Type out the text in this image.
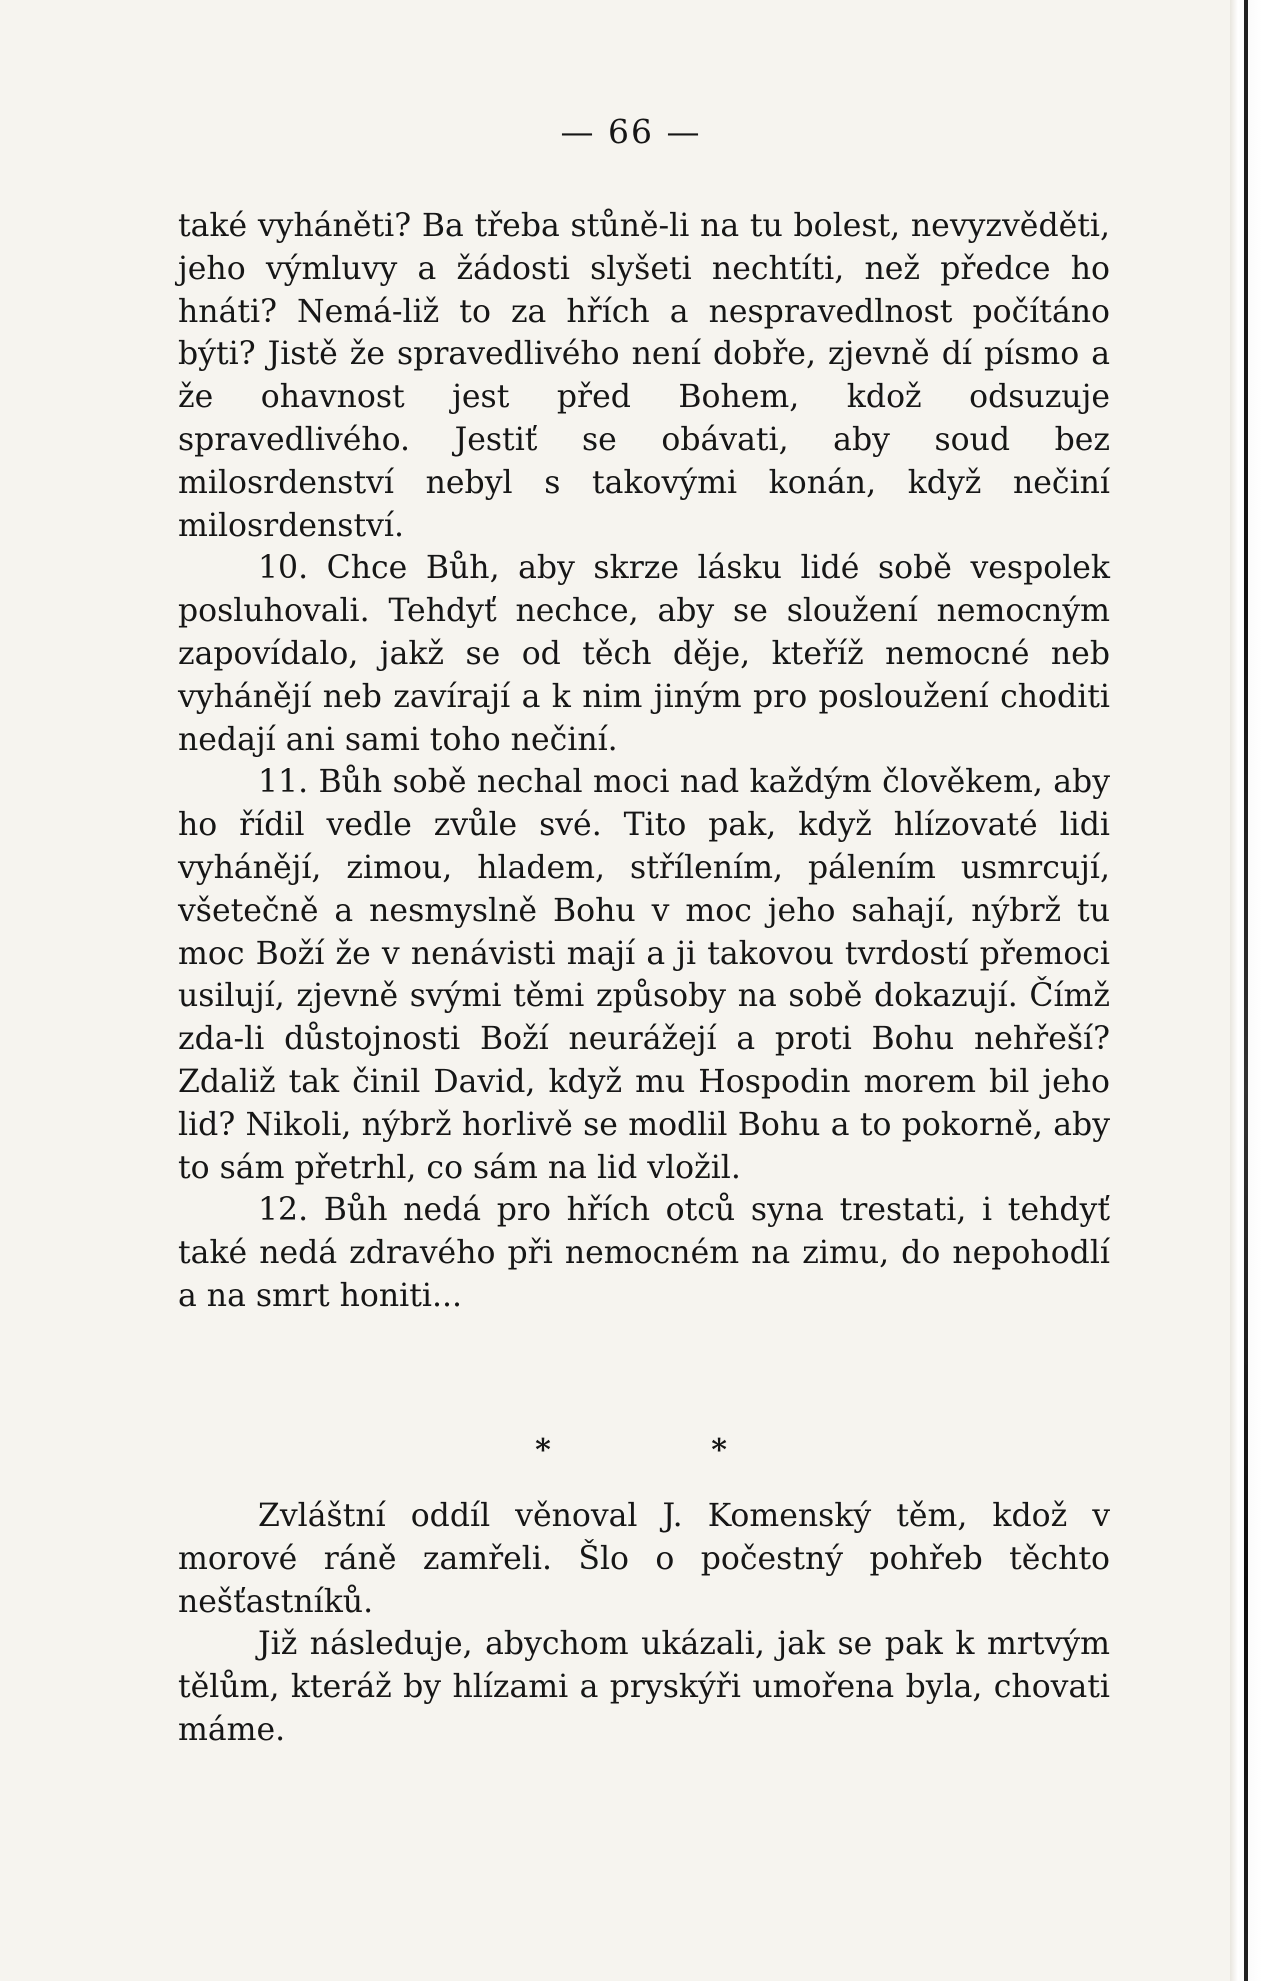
— 66 —

také vyháněti? Ba třeba stůně-li na tu bolest, nevyzvěděti, jeho výmluvy a žádosti slyšeti nechtíti, než předce ho hnáti? Nemá-liž to za hřích a nespravedlnost počítáno býti? Jistě že spravedlivého není dobře, zjevně dí písmo a že ohavnost jest před Bohem, kdož odsuzuje spravedlivého. Jestiť se obávati, aby soud bez milosrdenství nebyl s takovými konán, když nečiní milosrdenství.

10. Chce Bůh, aby skrze lásku lidé sobě vespolek posluhovali. Tehdyť nechce, aby se sloužení nemocným zapovídalo, jakž se od těch děje, kteříž nemocné neb vyhánějí neb zavírají a k nim jiným pro posloužení choditi nedají ani sami toho nečiní.

11. Bůh sobě nechal moci nad každým člověkem, aby ho řídil vedle zvůle své. Tito pak, když hlízovaté lidi vyhánějí, zimou, hladem, střílením, pálením usmrcují, všetečně a nesmyslně Bohu v moc jeho sahají, nýbrž tu moc Boží že v nenávisti mají a ji takovou tvrdostí přemoci usilují, zjevně svými těmi způsoby na sobě dokazují. Čímž zda-li důstojnosti Boží neurážejí a proti Bohu nehřeší? Zdaliž tak činil David, když mu Hospodin morem bil jeho lid? Nikoli, nýbrž horlivě se modlil Bohu a to pokorně, aby to sám přetrhl, co sám na lid vložil.

12. Bůh nedá pro hřích otců syna trestati, i tehdyť také nedá zdravého při nemocném na zimu, do nepohodlí a na smrt honiti...

* *

Zvláštní oddíl věnoval J. Komenský těm, kdož v morové ráně zamřeli. Šlo o počestný pohřeb těchto nešťastníků.

Již následuje, abychom ukázali, jak se pak k mrtvým tělům, kteráž by hlízami a pryskýři umořena byla, chovati máme.
